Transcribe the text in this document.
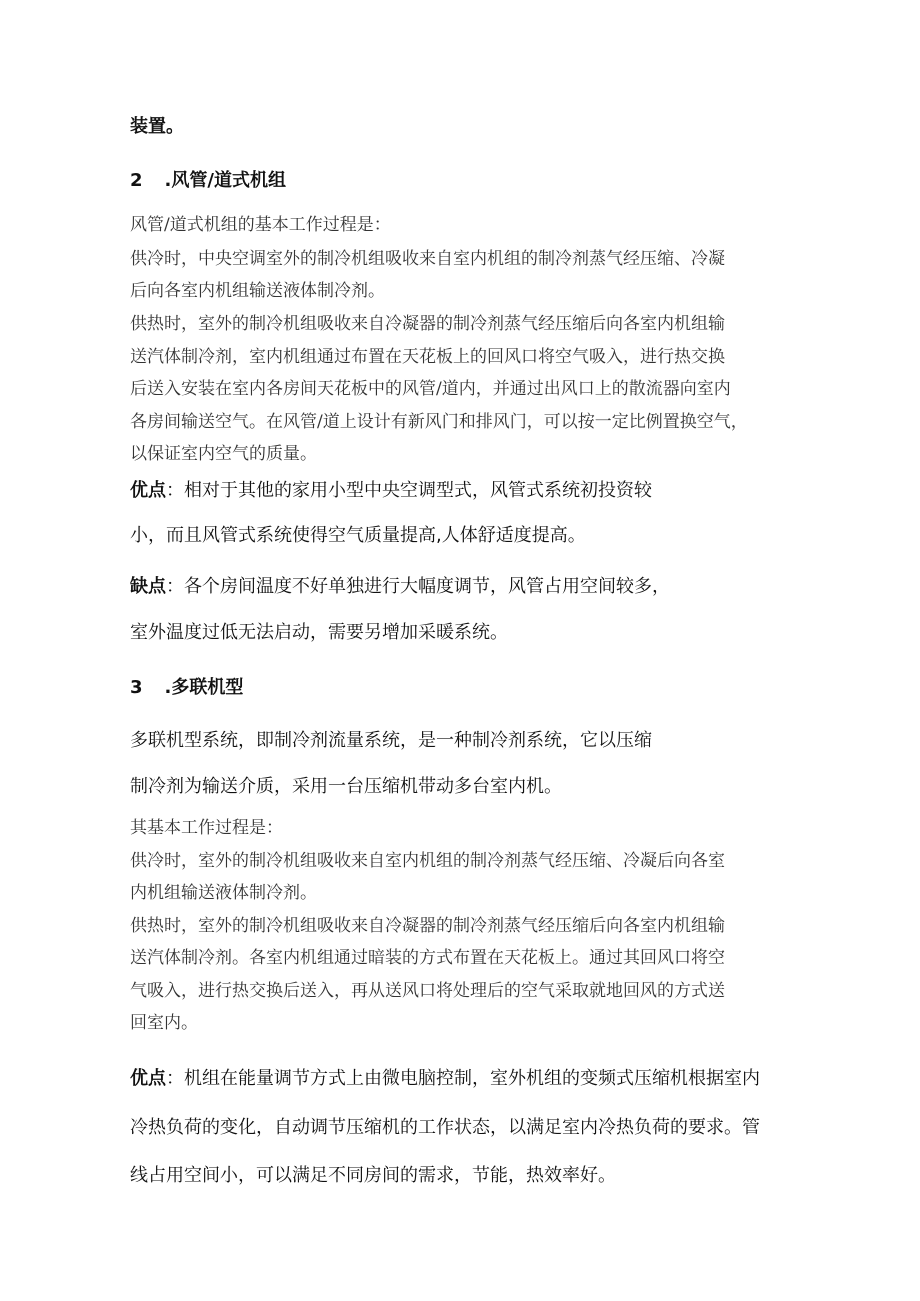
装置。
2 .风管/道式机组
风管/道式机组的基本工作过程是：
供冷时，中央空调室外的制冷机组吸收来自室内机组的制冷剂蒸气经压缩、冷凝
后向各室内机组输送液体制冷剂。
供热时，室外的制冷机组吸收来自冷凝器的制冷剂蒸气经压缩后向各室内机组输
送汽体制冷剂，室内机组通过布置在天花板上的回风口将空气吸入，进行热交换
后送入安装在室内各房间天花板中的风管/道内，并通过出风口上的散流器向室内
各房间输送空气。在风管/道上设计有新风门和排风门，可以按一定比例置换空气，
以保证室内空气的质量。
优点：相对于其他的家用小型中央空调型式，风管式系统初投资较
小，而且风管式系统使得空气质量提高,人体舒适度提高。
缺点：各个房间温度不好单独进行大幅度调节，风管占用空间较多，
室外温度过低无法启动，需要另增加采暖系统。
3 .多联机型
多联机型系统，即制冷剂流量系统，是一种制冷剂系统，它以压缩
制冷剂为输送介质，采用一台压缩机带动多台室内机。
其基本工作过程是：
供冷时，室外的制冷机组吸收来自室内机组的制冷剂蒸气经压缩、冷凝后向各室
内机组输送液体制冷剂。
供热时，室外的制冷机组吸收来自冷凝器的制冷剂蒸气经压缩后向各室内机组输
送汽体制冷剂。各室内机组通过暗装的方式布置在天花板上。通过其回风口将空
气吸入，进行热交换后送入，再从送风口将处理后的空气采取就地回风的方式送
回室内。
优点：机组在能量调节方式上由微电脑控制，室外机组的变频式压缩机根据室内
冷热负荷的变化，自动调节压缩机的工作状态，以满足室内冷热负荷的要求。管
线占用空间小，可以满足不同房间的需求，节能，热效率好。
